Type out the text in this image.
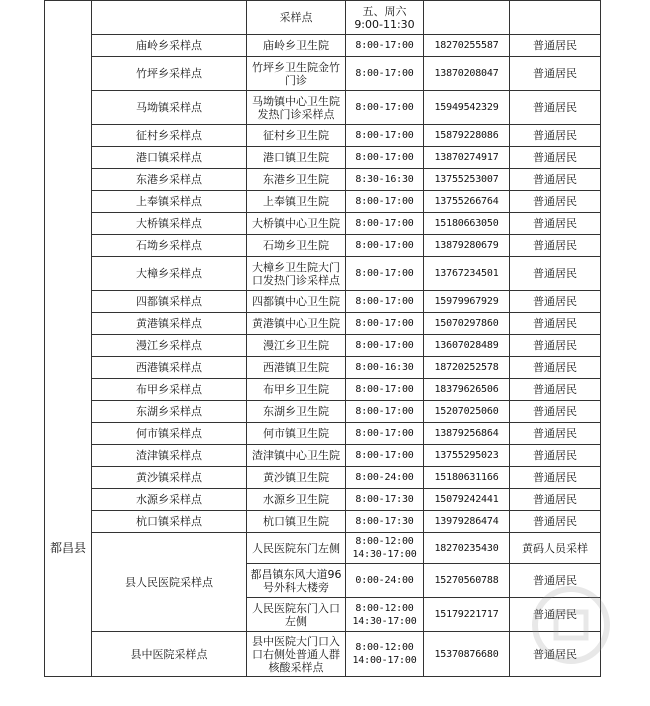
都昌县		采样点	五、周六
9:00-11:30		
	庙岭乡采样点	庙岭乡卫生院	8:00-17:00	18270255587	普通居民
	竹坪乡采样点	竹坪乡卫生院金竹门诊	8:00-17:00	13870208047	普通居民
	马坳镇采样点	马坳镇中心卫生院发热门诊采样点	8:00-17:00	15949542329	普通居民
	征村乡采样点	征村乡卫生院	8:00-17:00	15879228086	普通居民
	港口镇采样点	港口镇卫生院	8:00-17:00	13870274917	普通居民
	东港乡采样点	东港乡卫生院	8:30-16:30	13755253007	普通居民
	上奉镇采样点	上奉镇卫生院	8:00-17:00	13755266764	普通居民
	大桥镇采样点	大桥镇中心卫生院	8:00-17:00	15180663050	普通居民
	石坳乡采样点	石坳乡卫生院	8:00-17:00	13879280679	普通居民
	大樟乡采样点	大樟乡卫生院大门口发热门诊采样点	8:00-17:00	13767234501	普通居民
	四都镇采样点	四都镇中心卫生院	8:00-17:00	15979967929	普通居民
	黄港镇采样点	黄港镇中心卫生院	8:00-17:00	15070297860	普通居民
	漫江乡采样点	漫江乡卫生院	8:00-17:00	13607028489	普通居民
	西港镇采样点	西港镇卫生院	8:00-16:30	18720252578	普通居民
	布甲乡采样点	布甲乡卫生院	8:00-17:00	18379626506	普通居民
	东湖乡采样点	东湖乡卫生院	8:00-17:00	15207025060	普通居民
	何市镇采样点	何市镇卫生院	8:00-17:00	13879256864	普通居民
	渣津镇采样点	渣津镇中心卫生院	8:00-17:00	13755295023	普通居民
	黄沙镇采样点	黄沙镇卫生院	8:00-24:00	15180631166	普通居民
	水源乡采样点	水源乡卫生院	8:00-17:30	15079242441	普通居民
	杭口镇采样点	杭口镇卫生院	8:00-17:30	13979286474	普通居民
	县人民医院采样点	人民医院东门左侧	8:00-12:00
14:30-17:00	18270235430	黄码人员采样
		都昌镇东风大道96号外科大楼旁	0:00-24:00	15270560788	普通居民
		人民医院东门入口左侧	8:00-12:00
14:30-17:00	15179221717	普通居民
	县中医院采样点	县中医院大门口入口右侧处普通人群核酸采样点	8:00-12:00
14:00-17:00	15370876680	普通居民
